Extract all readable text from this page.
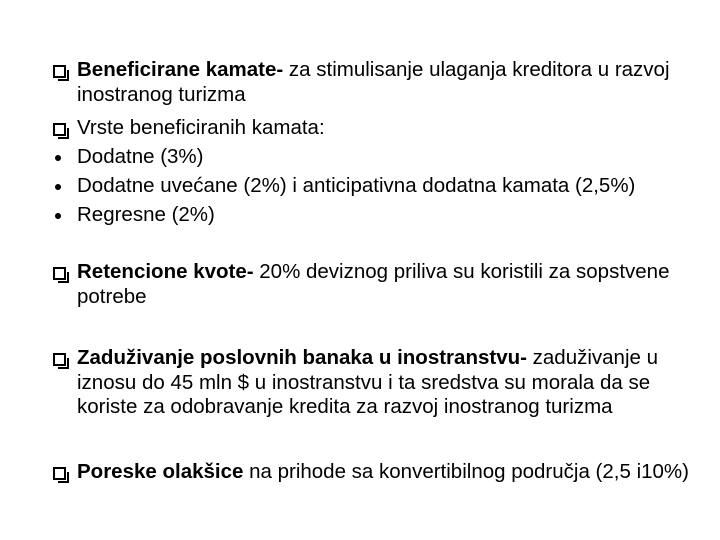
Beneficirane kamate- za stimulisanje ulaganja kreditora u razvoj inostranog turizma
Vrste beneficiranih kamata:
Dodatne (3%)
Dodatne uvećane (2%) i anticipativna dodatna kamata (2,5%)
Regresne (2%)
Retencione kvote- 20% deviznog priliva su koristili za sopstvene potrebe
Zaduživanje poslovnih banaka u inostranstvu- zaduživanje u iznosu do 45 mln $ u inostranstvu i ta sredstva su morala da se koriste za odobravanje kredita za razvoj inostranog turizma
Poreske olakšice na prihode sa konvertibilnog područja (2,5 i10%)
